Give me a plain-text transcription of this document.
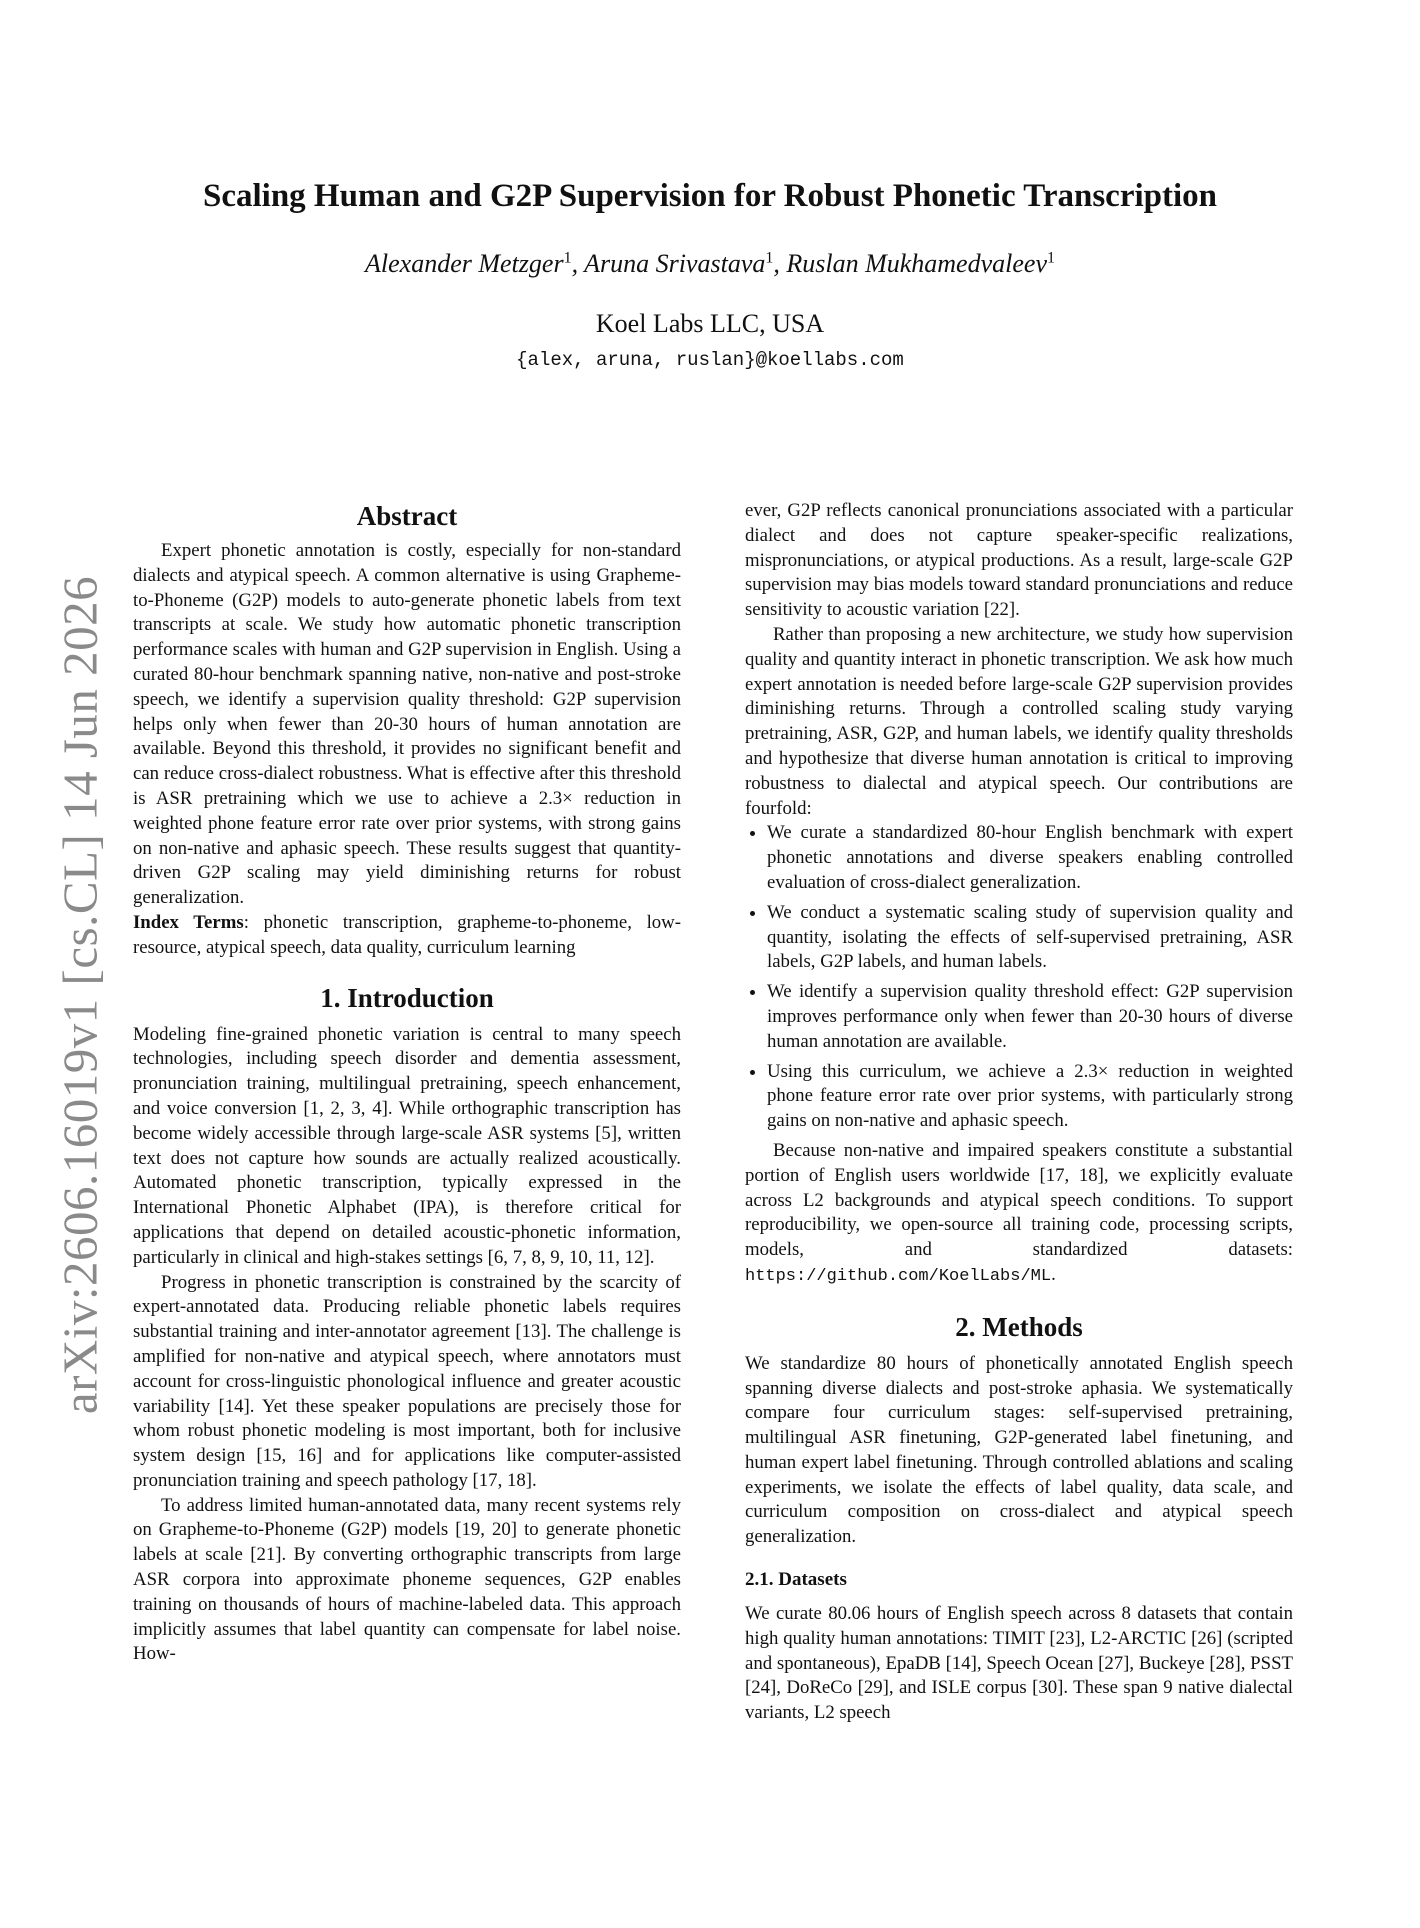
arXiv:2606.16019v1 [cs.CL] 14 Jun 2026
Scaling Human and G2P Supervision for Robust Phonetic Transcription
Alexander Metzger$^1$, Aruna Srivastava$^1$, Ruslan Mukhamedvaleev$^1$
Koel Labs LLC, USA
{alex, aruna, ruslan}@koellabs.com
Abstract

Expert phonetic annotation is costly, especially for non-standard dialects and atypical speech. A common alternative is using Grapheme-to-Phoneme (G2P) models to auto-generate phonetic labels from text transcripts at scale. We study how automatic phonetic transcription performance scales with human and G2P supervision in English. Using a curated 80-hour benchmark spanning native, non-native and post-stroke speech, we identify a supervision quality threshold: G2P supervision helps only when fewer than 20-30 hours of human annotation are available. Beyond this threshold, it provides no significant benefit and can reduce cross-dialect robustness. What is effective after this threshold is ASR pretraining which we use to achieve a 2.3× reduction in weighted phone feature error rate over prior systems, with strong gains on non-native and aphasic speech. These results suggest that quantity-driven G2P scaling may yield diminishing returns for robust generalization.

Index Terms: phonetic transcription, grapheme-to-phoneme, low-resource, atypical speech, data quality, curriculum learning

1. Introduction

Modeling fine-grained phonetic variation is central to many speech technologies, including speech disorder and dementia assessment, pronunciation training, multilingual pretraining, speech enhancement, and voice conversion [1, 2, 3, 4]. While orthographic transcription has become widely accessible through large-scale ASR systems [5], written text does not capture how sounds are actually realized acoustically. Automated phonetic transcription, typically expressed in the International Phonetic Alphabet (IPA), is therefore critical for applications that depend on detailed acoustic-phonetic information, particularly in clinical and high-stakes settings [6, 7, 8, 9, 10, 11, 12].

Progress in phonetic transcription is constrained by the scarcity of expert-annotated data. Producing reliable phonetic labels requires substantial training and inter-annotator agreement [13]. The challenge is amplified for non-native and atypical speech, where annotators must account for cross-linguistic phonological influence and greater acoustic variability [14]. Yet these speaker populations are precisely those for whom robust phonetic modeling is most important, both for inclusive system design [15, 16] and for applications like computer-assisted pronunciation training and speech pathology [17, 18].

To address limited human-annotated data, many recent systems rely on Grapheme-to-Phoneme (G2P) models [19, 20] to generate phonetic labels at scale [21]. By converting orthographic transcripts from large ASR corpora into approximate phoneme sequences, G2P enables training on thousands of hours of machine-labeled data. This approach implicitly assumes that label quantity can compensate for label noise. How-

ever, G2P reflects canonical pronunciations associated with a particular dialect and does not capture speaker-specific realizations, mispronunciations, or atypical productions. As a result, large-scale G2P supervision may bias models toward standard pronunciations and reduce sensitivity to acoustic variation [22].

Rather than proposing a new architecture, we study how supervision quality and quantity interact in phonetic transcription. We ask how much expert annotation is needed before large-scale G2P supervision provides diminishing returns. Through a controlled scaling study varying pretraining, ASR, G2P, and human labels, we identify quality thresholds and hypothesize that diverse human annotation is critical to improving robustness to dialectal and atypical speech. Our contributions are fourfold:

• We curate a standardized 80-hour English benchmark with expert phonetic annotations and diverse speakers enabling controlled evaluation of cross-dialect generalization.
• We conduct a systematic scaling study of supervision quality and quantity, isolating the effects of self-supervised pretraining, ASR labels, G2P labels, and human labels.
• We identify a supervision quality threshold effect: G2P supervision improves performance only when fewer than 20-30 hours of diverse human annotation are available.
• Using this curriculum, we achieve a 2.3× reduction in weighted phone feature error rate over prior systems, with particularly strong gains on non-native and aphasic speech.

Because non-native and impaired speakers constitute a substantial portion of English users worldwide [17, 18], we explicitly evaluate across L2 backgrounds and atypical speech conditions. To support reproducibility, we open-source all training code, processing scripts, models, and standardized datasets: https://github.com/KoelLabs/ML.

2. Methods

We standardize 80 hours of phonetically annotated English speech spanning diverse dialects and post-stroke aphasia. We systematically compare four curriculum stages: self-supervised pretraining, multilingual ASR finetuning, G2P-generated label finetuning, and human expert label finetuning. Through controlled ablations and scaling experiments, we isolate the effects of label quality, data scale, and curriculum composition on cross-dialect and atypical speech generalization.

2.1. Datasets

We curate 80.06 hours of English speech across 8 datasets that contain high quality human annotations: TIMIT [23], L2-ARCTIC [26] (scripted and spontaneous), EpaDB [14], Speech Ocean [27], Buckeye [28], PSST [24], DoReCo [29], and ISLE corpus [30]. These span 9 native dialectal variants, L2 speech
